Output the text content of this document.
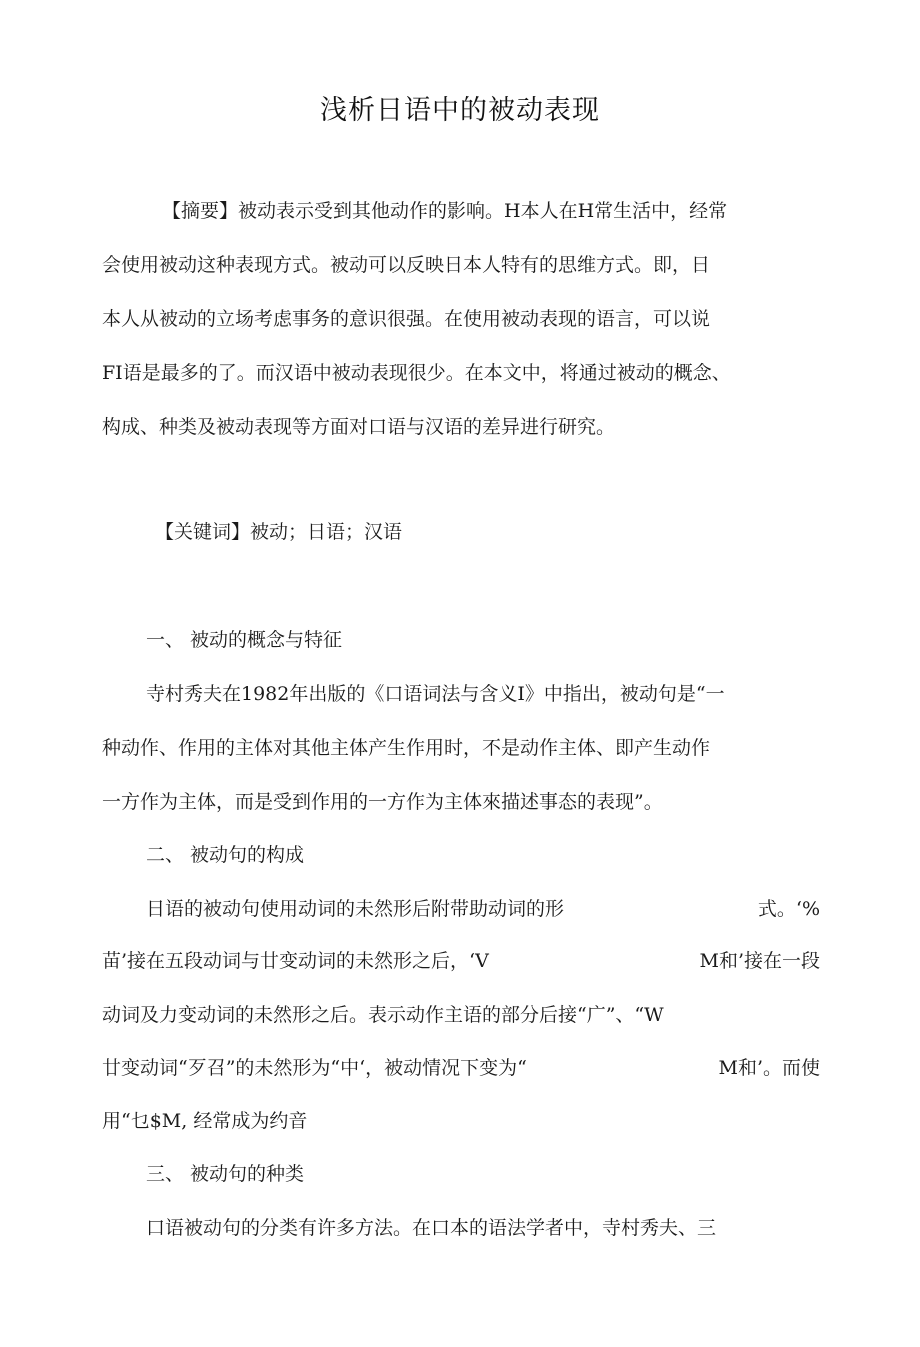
浅析日语中的被动表现
【摘要】被动表示受到其他动作的影响。H本人在H常生活中，经常
会使用被动这种表现方式。被动可以反映日本人特有的思维方式。即，日
本人从被动的立场考虑事务的意识很强。在使用被动表现的语言，可以说
FI语是最多的了。而汉语中被动表现很少。在本文中，将通过被动的概念、
构成、种类及被动表现等方面对口语与汉语的差异进行研究。
【关键词】被动；日语；汉语
一、 被动的概念与特征
寺村秀夫在1982年出版的《口语词法与含义I》中指出，被动句是“一
种动作、作用的主体对其他主体产生作用时，不是动作主体、即产生动作
一方作为主体，而是受到作用的一方作为主体來描述事态的表现”。
二、 被动句的构成
日语的被动句使用动词的未然形后附带助动词的形	式。‘%
苗’接在五段动词与廿变动词的未然形之后，‘V	M和’接在一段
动词及力变动词的未然形之后。表示动作主语的部分后接“广”、“W
廿变动词“歹召”的未然形为“中‘，被动情况下变为“	M和’。而使
用“乜$M, 经常成为约音
三、 被动句的种类
口语被动句的分类有许多方法。在口本的语法学者中，寺村秀夫、三
